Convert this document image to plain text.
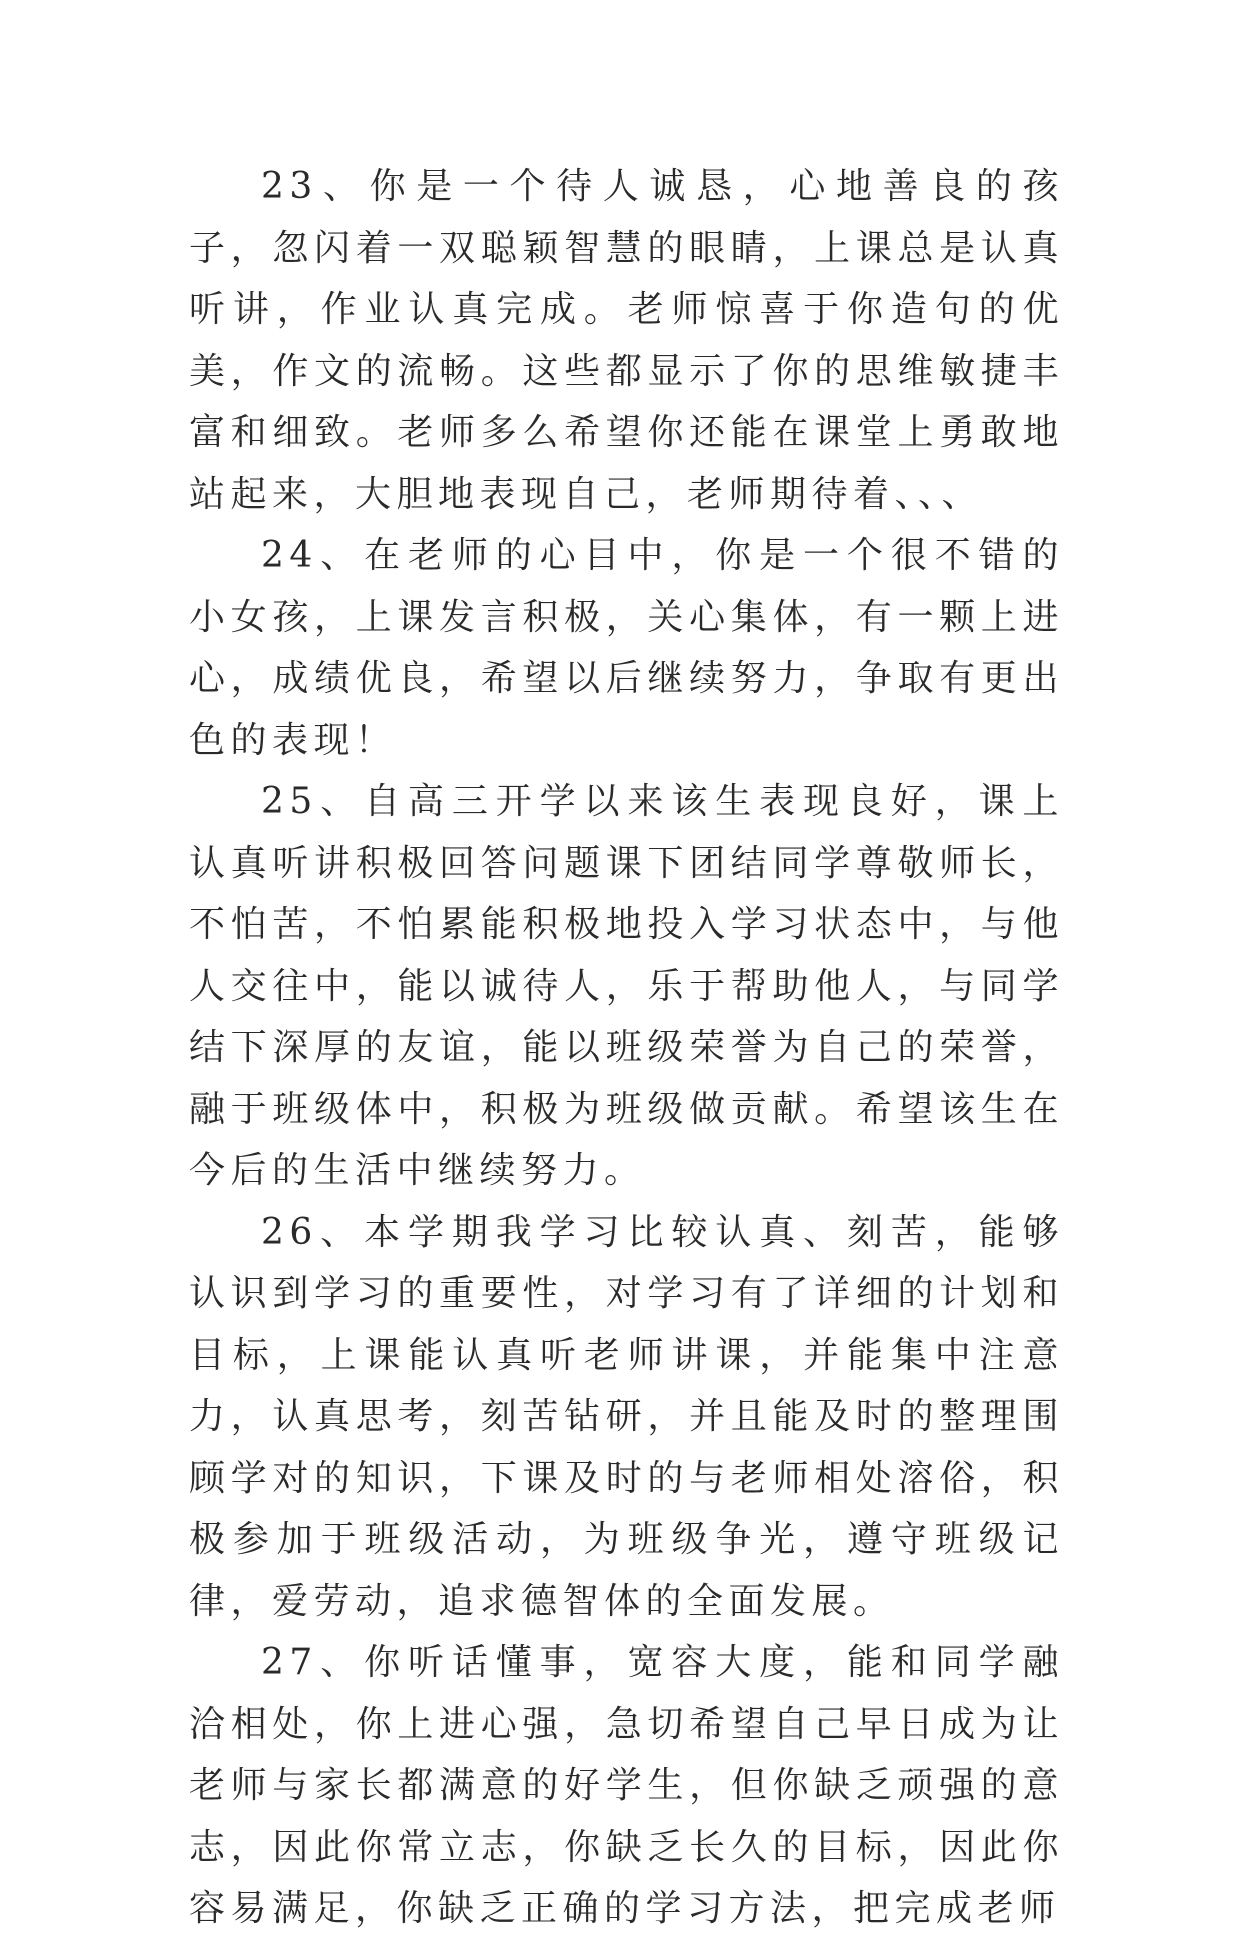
23、你是一个待人诚恳，心地善良的孩子，忽闪着一双聪颖智慧的眼睛，上课总是认真听讲，作业认真完成。老师惊喜于你造句的优美，作文的流畅。这些都显示了你的思维敏捷丰富和细致。老师多么希望你还能在课堂上勇敢地站起来，大胆地表现自己，老师期待着、、、

24、在老师的心目中，你是一个很不错的小女孩，上课发言积极，关心集体，有一颗上进心，成绩优良，希望以后继续努力，争取有更出色的表现！

25、自高三开学以来该生表现良好，课上认真听讲积极回答问题课下团结同学尊敬师长，不怕苦，不怕累能积极地投入学习状态中，与他人交往中，能以诚待人，乐于帮助他人，与同学结下深厚的友谊，能以班级荣誉为自己的荣誉，融于班级体中，积极为班级做贡献。希望该生在今后的生活中继续努力。

26、本学期我学习比较认真、刻苦，能够认识到学习的重要性，对学习有了详细的计划和目标，上课能认真听老师讲课，并能集中注意力，认真思考，刻苦钻研，并且能及时的整理围顾学对的知识，下课及时的与老师相处溶俗，积极参加于班级活动，为班级争光，遵守班级记律，爱劳动，追求德智体的全面发展。

27、你听话懂事，宽容大度，能和同学融洽相处，你上进心强，急切希望自己早日成为让老师与家长都满意的好学生，但你缺乏顽强的意志，因此你常立志，你缺乏长久的目标，因此你容易满足，你缺乏正确的学习方法，把完成老师
